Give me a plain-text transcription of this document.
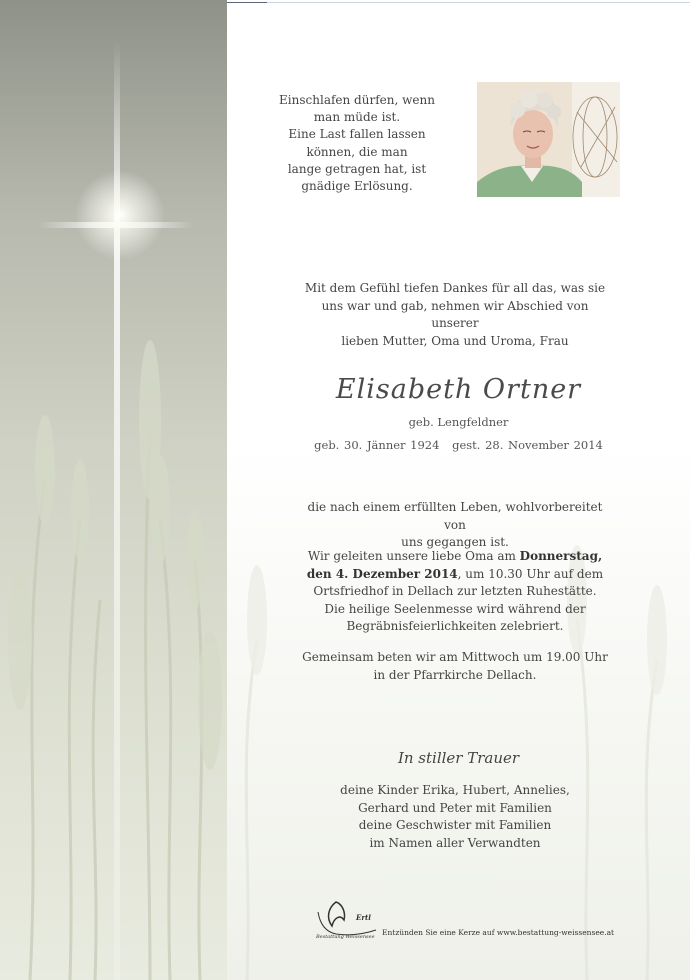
Einschlafen dürfen, wenn
man müde ist.
Eine Last fallen lassen
können, die man
lange getragen hat, ist
gnädige Erlösung.
Mit dem Gefühl tiefen Dankes für all das, was sie
uns war und gab, nehmen wir Abschied von unserer
lieben Mutter, Oma und Uroma, Frau
Elisabeth Ortner
geb. Lengfeldner
geb. 30. Jänner 1924 gest. 28. November 2014
die nach einem erfüllten Leben, wohlvorbereitet von
uns gegangen ist.
Wir geleiten unsere liebe Oma am Donnerstag,
den 4. Dezember 2014, um 10.30 Uhr auf dem
Ortsfriedhof in Dellach zur letzten Ruhestätte.
Die heilige Seelenmesse wird während der
Begräbnisfeierlichkeiten zelebriert.
Gemeinsam beten wir am Mittwoch um 19.00 Uhr
in der Pfarrkirche Dellach.
In stiller Trauer
deine Kinder Erika, Hubert, Annelies,
Gerhard und Peter mit Familien
deine Geschwister mit Familien
im Namen aller Verwandten
Ertl
Bestattung Weissensee Entzünden Sie eine Kerze auf www.bestattung-weissensee.at
